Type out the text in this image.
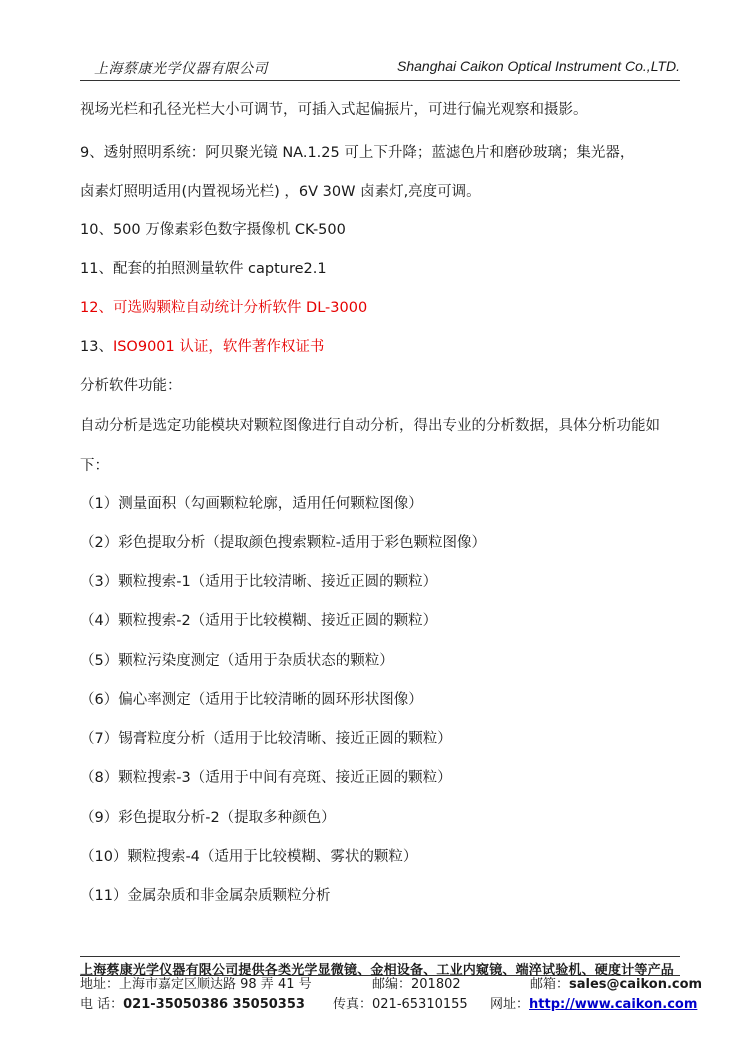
上海蔡康光学仪器有限公司	Shanghai Caikon Optical Instrument Co.,LTD.
视场光栏和孔径光栏大小可调节，可插入式起偏振片，可进行偏光观察和摄影。
9、透射照明系统：阿贝聚光镜 NA.1.25 可上下升降；蓝滤色片和磨砂玻璃；集光器，
卤素灯照明适用(内置视场光栏) ，6V 30W 卤素灯,亮度可调。
10、500 万像素彩色数字摄像机 CK-500
11、配套的拍照测量软件 capture2.1
12、可选购颗粒自动统计分析软件 DL-3000
13、ISO9001 认证，软件著作权证书
分析软件功能：
自动分析是选定功能模块对颗粒图像进行自动分析，得出专业的分析数据，具体分析功能如
下：
（1）测量面积（勾画颗粒轮廓，适用任何颗粒图像）
（2）彩色提取分析（提取颜色搜索颗粒-适用于彩色颗粒图像）
（3）颗粒搜索-1（适用于比较清晰、接近正圆的颗粒）
（4）颗粒搜索-2（适用于比较模糊、接近正圆的颗粒）
（5）颗粒污染度测定（适用于杂质状态的颗粒）
（6）偏心率测定（适用于比较清晰的圆环形状图像）
（7）锡膏粒度分析（适用于比较清晰、接近正圆的颗粒）
（8）颗粒搜索-3（适用于中间有亮斑、接近正圆的颗粒）
（9）彩色提取分析-2（提取多种颜色）
（10）颗粒搜索-4（适用于比较模糊、雾状的颗粒）
（11）金属杂质和非金属杂质颗粒分析
上海蔡康光学仪器有限公司提供各类光学显微镜、金相设备、工业内窥镜、端淬试验机、硬度计等产品
地址：上海市嘉定区顺达路 98 弄 41 号	邮编：201802	邮箱：sales@caikon.com
电 话：021-35050386 35050353 传真：021-65310155 网址：http://www.caikon.com
